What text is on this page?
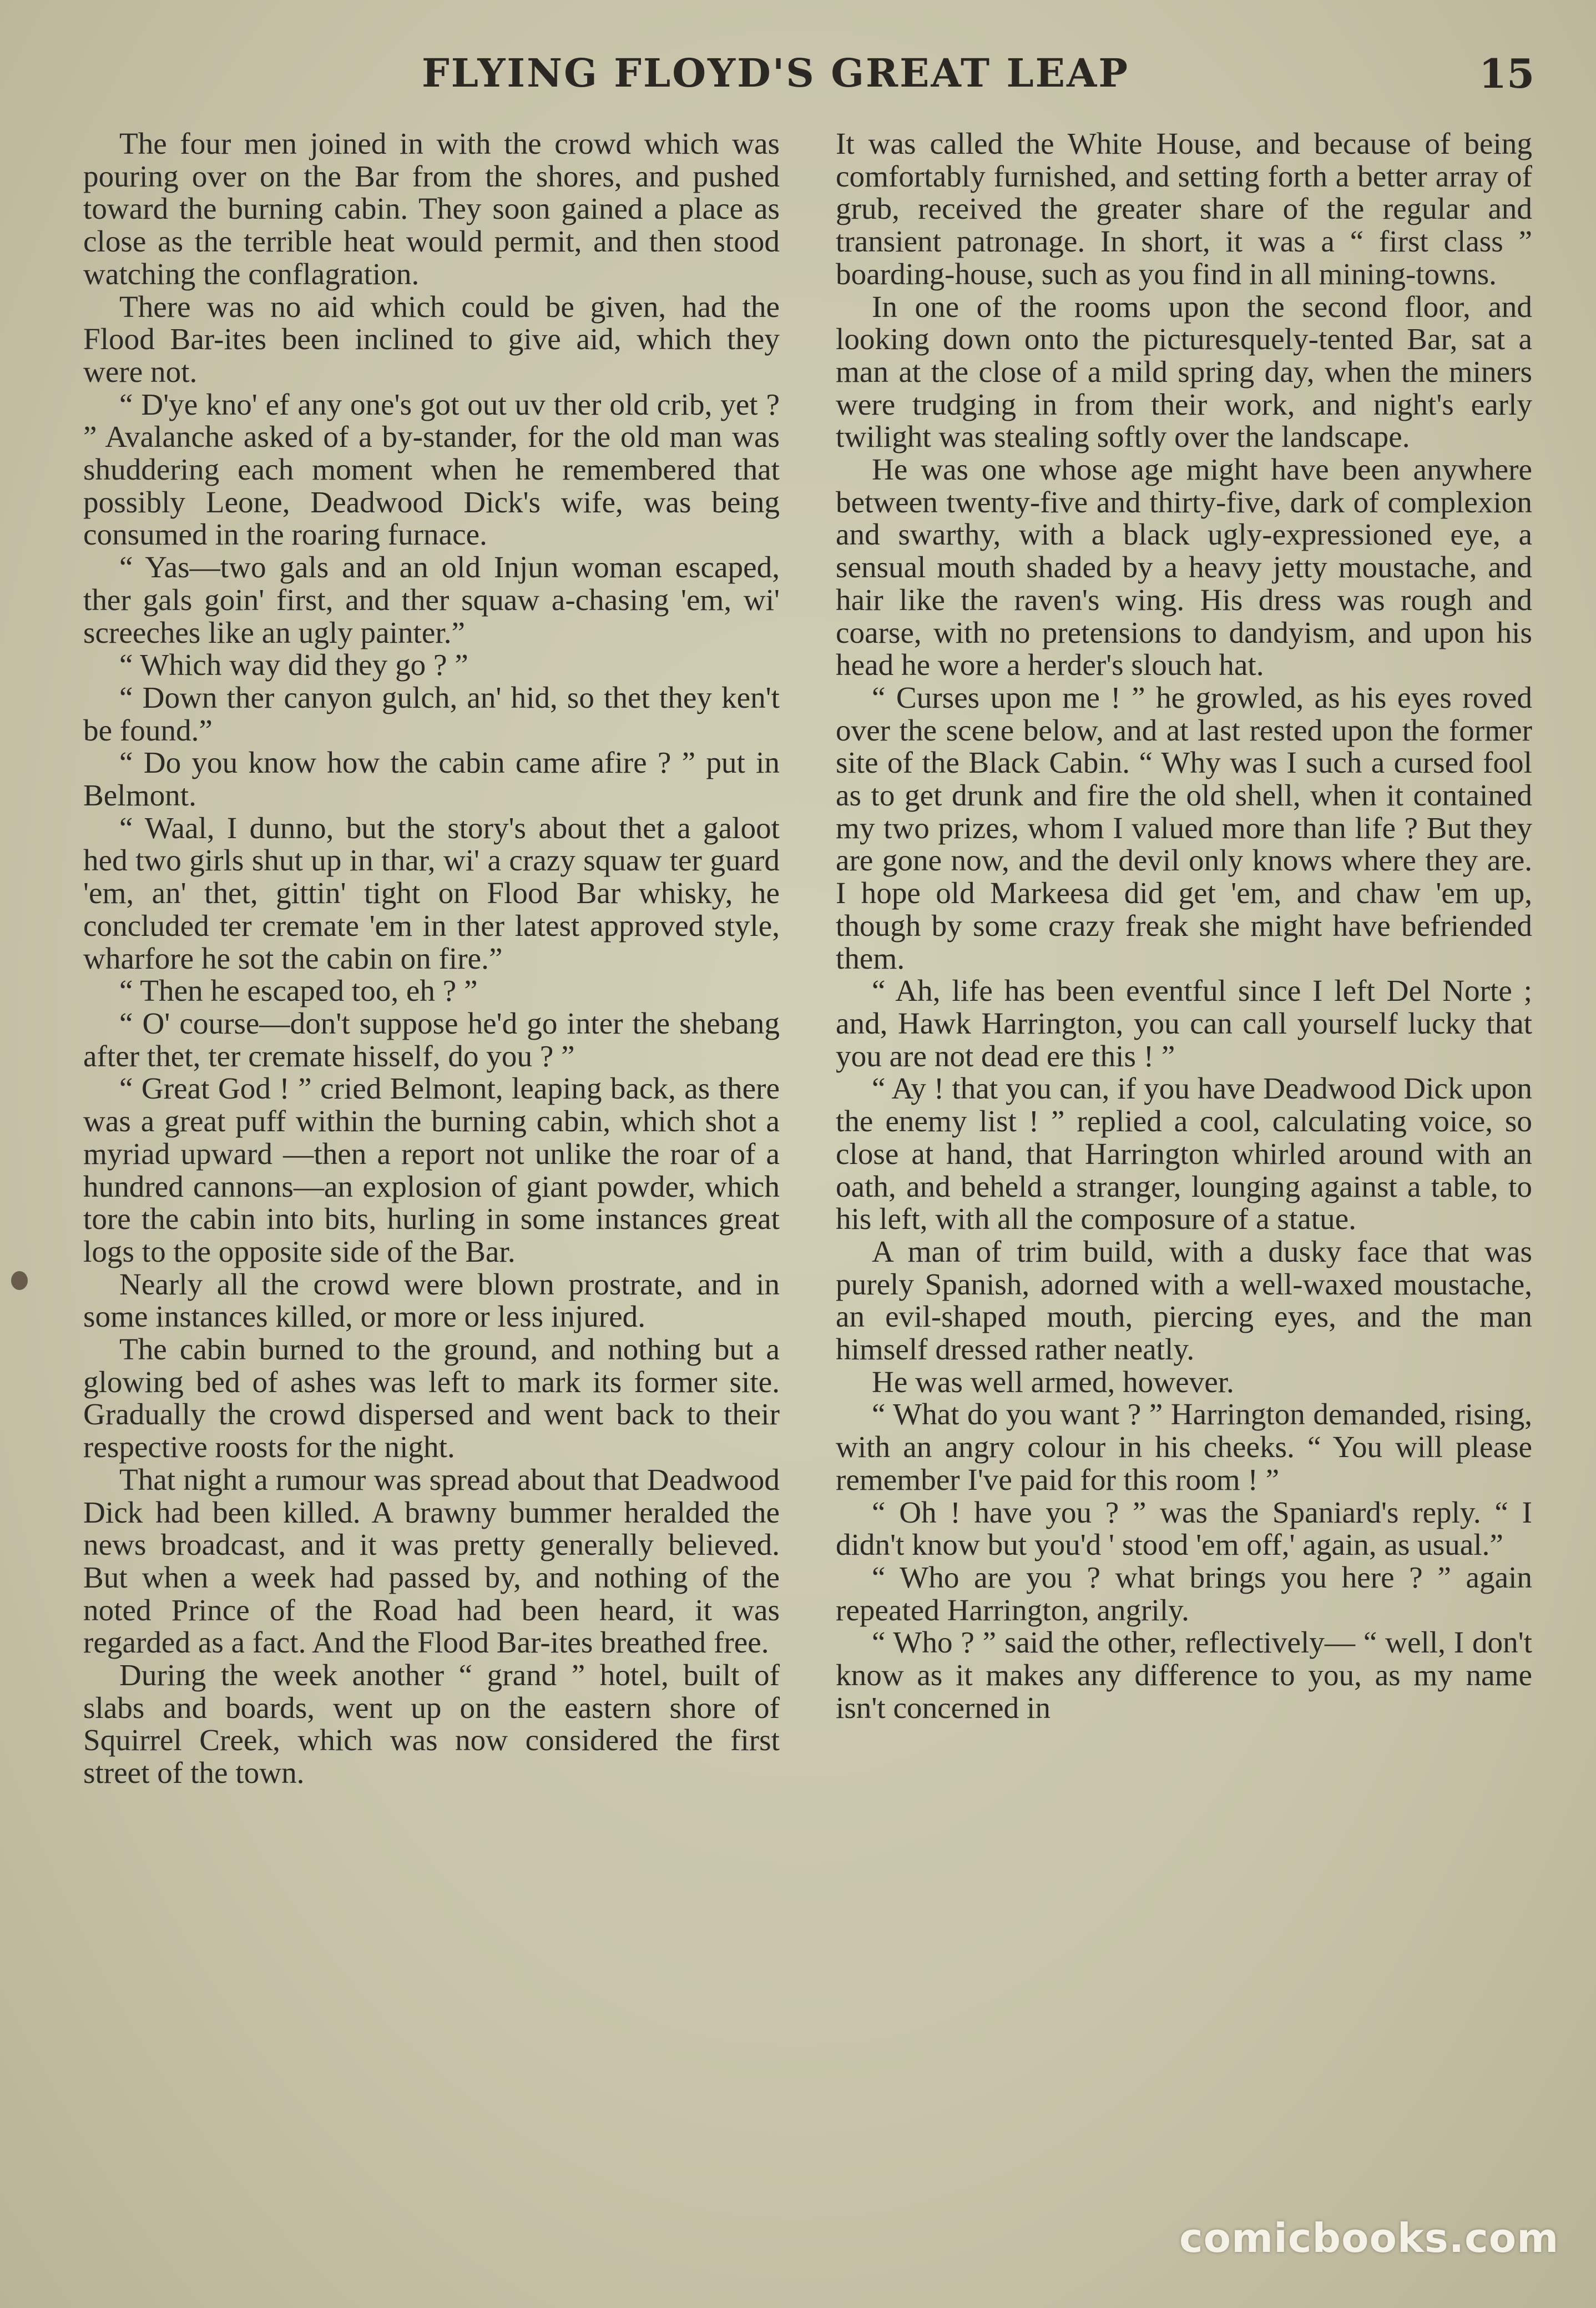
FLYING FLOYD'S GREAT LEAP	15

The four men joined in with the crowd which was pouring over on the Bar from the shores, and pushed toward the burning cabin. They soon gained a place as close as the terrible heat would permit, and then stood watching the conflagration.

There was no aid which could be given, had the Flood Bar-ites been inclined to give aid, which they were not.

“ D'ye kno' ef any one's got out uv ther old crib, yet ? ” Avalanche asked of a by-stander, for the old man was shuddering each moment when he remembered that possibly Leone, Deadwood Dick's wife, was being consumed in the roaring furnace.

“ Yas—two gals and an old Injun woman escaped, ther gals goin' first, and ther squaw a-chasing 'em, wi' screeches like an ugly painter.”

“ Which way did they go ? ”

“ Down ther canyon gulch, an' hid, so thet they ken't be found.”

“ Do you know how the cabin came afire ? ” put in Belmont.

“ Waal, I dunno, but the story's about thet a galoot hed two girls shut up in thar, wi' a crazy squaw ter guard 'em, an' thet, gittin' tight on Flood Bar whisky, he concluded ter cremate 'em in ther latest approved style, wharfore he sot the cabin on fire.”

“ Then he escaped too, eh ? ”

“ O' course—don't suppose he'd go inter the shebang after thet, ter cremate hisself, do you ? ”

“ Great God ! ” cried Belmont, leaping back, as there was a great puff within the burning cabin, which shot a myriad upward —then a report not unlike the roar of a hundred cannons—an explosion of giant powder, which tore the cabin into bits, hurling in some instances great logs to the opposite side of the Bar.

Nearly all the crowd were blown prostrate, and in some instances killed, or more or less injured.

The cabin burned to the ground, and nothing but a glowing bed of ashes was left to mark its former site. Gradually the crowd dispersed and went back to their respective roosts for the night.

That night a rumour was spread about that Deadwood Dick had been killed. A brawny bummer heralded the news broadcast, and it was pretty generally believed. But when a week had passed by, and nothing of the noted Prince of the Road had been heard, it was regarded as a fact. And the Flood Bar-ites breathed free.

During the week another “ grand ” hotel, built of slabs and boards, went up on the eastern shore of Squirrel Creek, which was now considered the first street of the town.

It was called the White House, and because of being comfortably furnished, and setting forth a better array of grub, received the greater share of the regular and transient patronage. In short, it was a “ first class ” boarding-house, such as you find in all mining-towns.

In one of the rooms upon the second floor, and looking down onto the picturesquely-tented Bar, sat a man at the close of a mild spring day, when the miners were trudging in from their work, and night's early twilight was stealing softly over the landscape.

He was one whose age might have been anywhere between twenty-five and thirty-five, dark of complexion and swarthy, with a black ugly-expressioned eye, a sensual mouth shaded by a heavy jetty moustache, and hair like the raven's wing. His dress was rough and coarse, with no pretensions to dandyism, and upon his head he wore a herder's slouch hat.

“ Curses upon me ! ” he growled, as his eyes roved over the scene below, and at last rested upon the former site of the Black Cabin. “ Why was I such a cursed fool as to get drunk and fire the old shell, when it contained my two prizes, whom I valued more than life ? But they are gone now, and the devil only knows where they are. I hope old Markeesa did get 'em, and chaw 'em up, though by some crazy freak she might have befriended them.

“ Ah, life has been eventful since I left Del Norte ; and, Hawk Harrington, you can call yourself lucky that you are not dead ere this ! ”

“ Ay ! that you can, if you have Deadwood Dick upon the enemy list ! ” replied a cool, calculating voice, so close at hand, that Harrington whirled around with an oath, and beheld a stranger, lounging against a table, to his left, with all the composure of a statue.

A man of trim build, with a dusky face that was purely Spanish, adorned with a well-waxed moustache, an evil-shaped mouth, piercing eyes, and the man himself dressed rather neatly.

He was well armed, however.

“ What do you want ? ” Harrington demanded, rising, with an angry colour in his cheeks. “ You will please remember I've paid for this room ! ”

“ Oh ! have you ? ” was the Spaniard's reply. “ I didn't know but you'd ' stood 'em off,' again, as usual.”

“ Who are you ? what brings you here ? ” again repeated Harrington, angrily.

“ Who ? ” said the other, reflectively— “ well, I don't know as it makes any difference to you, as my name isn't concerned in

comicbooks.com
